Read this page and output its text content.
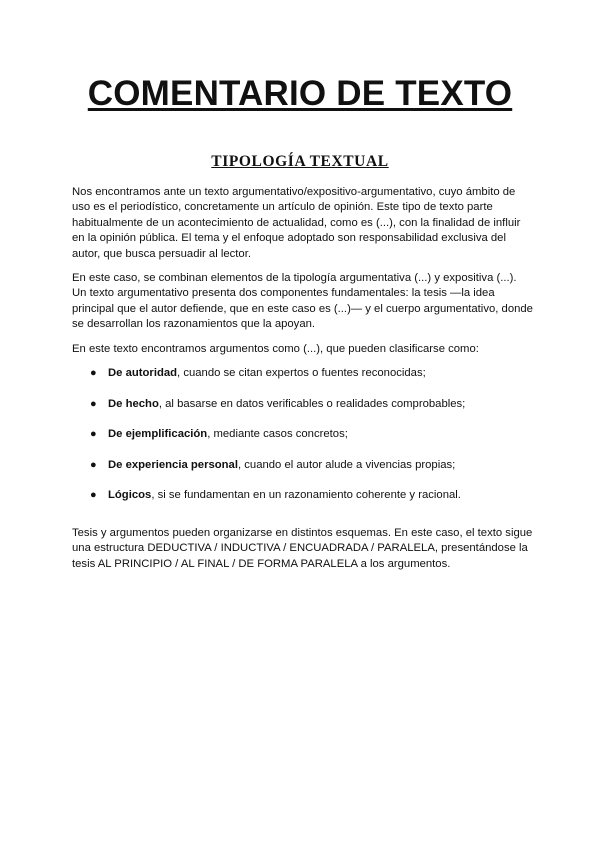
COMENTARIO DE TEXTO
TIPOLOGÍA TEXTUAL

Nos encontramos ante un texto argumentativo/expositivo-argumentativo, cuyo ámbito de uso es el periodístico, concretamente un artículo de opinión. Este tipo de texto parte habitualmente de un acontecimiento de actualidad, como es (...), con la finalidad de influir en la opinión pública. El tema y el enfoque adoptado son responsabilidad exclusiva del autor, que busca persuadir al lector.

En este caso, se combinan elementos de la tipología argumentativa (...) y expositiva (...). Un texto argumentativo presenta dos componentes fundamentales: la tesis —la idea principal que el autor defiende, que en este caso es (...)— y el cuerpo argumentativo, donde se desarrollan los razonamientos que la apoyan.

En este texto encontramos argumentos como (...), que pueden clasificarse como:

● De autoridad, cuando se citan expertos o fuentes reconocidas;
● De hecho, al basarse en datos verificables o realidades comprobables;
● De ejemplificación, mediante casos concretos;
● De experiencia personal, cuando el autor alude a vivencias propias;
● Lógicos, si se fundamentan en un razonamiento coherente y racional.

Tesis y argumentos pueden organizarse en distintos esquemas. En este caso, el texto sigue una estructura DEDUCTIVA / INDUCTIVA / ENCUADRADA / PARALELA, presentándose la tesis AL PRINCIPIO / AL FINAL / DE FORMA PARALELA a los argumentos.
